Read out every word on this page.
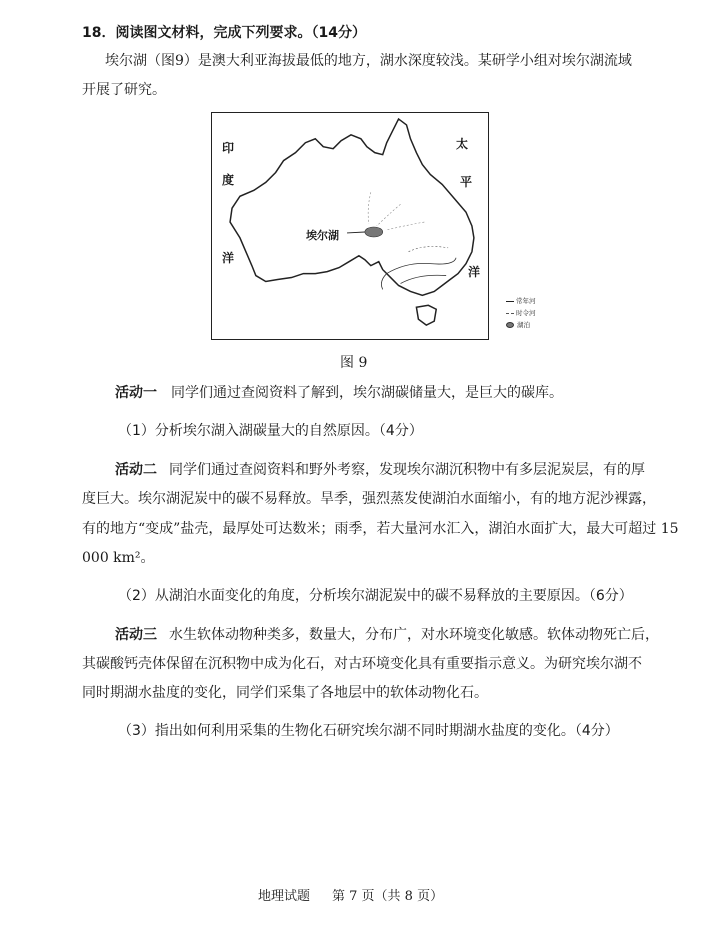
18．阅读图文材料，完成下列要求。（14分）
埃尔湖（图9）是澳大利亚海拔最低的地方，湖水深度较浅。某研学小组对埃尔湖流域
开展了研究。
印
度
洋
太
平
洋
埃尔湖
常年河
时令河
湖泊
图 9
活动一 同学们通过查阅资料了解到，埃尔湖碳储量大，是巨大的碳库。
（1）分析埃尔湖入湖碳量大的自然原因。（4分）
活动二 同学们通过查阅资料和野外考察，发现埃尔湖沉积物中有多层泥炭层，有的厚
度巨大。埃尔湖泥炭中的碳不易释放。旱季，强烈蒸发使湖泊水面缩小，有的地方泥沙裸露，
有的地方“变成”盐壳，最厚处可达数米；雨季，若大量河水汇入，湖泊水面扩大，最大可超过 15
000 km²。
（2）从湖泊水面变化的角度，分析埃尔湖泥炭中的碳不易释放的主要原因。（6分）
活动三 水生软体动物种类多，数量大，分布广，对水环境变化敏感。软体动物死亡后，
其碳酸钙壳体保留在沉积物中成为化石，对古环境变化具有重要指示意义。为研究埃尔湖不
同时期湖水盐度的变化，同学们采集了各地层中的软体动物化石。
（3）指出如何利用采集的生物化石研究埃尔湖不同时期湖水盐度的变化。（4分）
地理试题 第 7 页（共 8 页）
